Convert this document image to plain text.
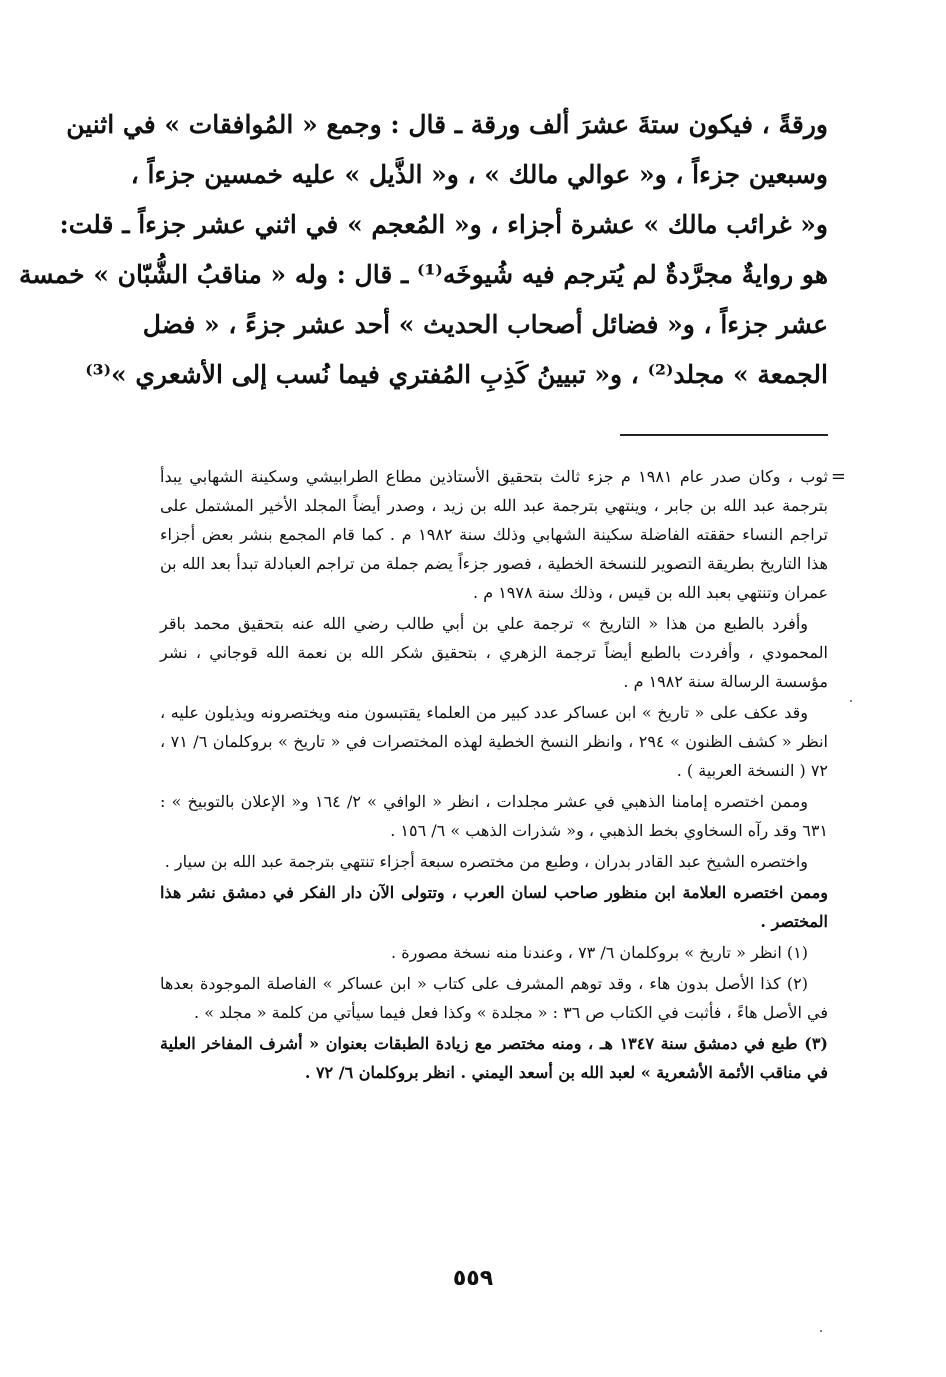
ورقةً ، فيكون ستةَ عشرَ ألف ورقة ـ قال : وجمع « المُوافقات » في اثنين
وسبعين جزءاً ، و« عوالي مالك » ، و« الذَّيل » عليه خمسين جزءاً ،
و« غرائب مالك » عشرة أجزاء ، و« المُعجم » في اثني عشر جزءاً ـ قلت:
هو روايةٌ مجرَّدةٌ لم يُترجم فيه شُيوخَه⁽¹⁾ ـ قال : وله « مناقبُ الشُّبّان » خمسة
عشر جزءاً ، و« فضائل أصحاب الحديث » أحد عشر جزءً ، « فضل
الجمعة » مجلد⁽²⁾ ، و« تبيينُ كَذِبِ المُفتري فيما نُسب إلى الأشعري »⁽³⁾
=

ثوب ، وكان صدر عام ١٩٨١ م جزء ثالث بتحقيق الأستاذين مطاع الطرابيشي وسكينة الشهابي يبدأ بترجمة عبد الله بن جابر ، وينتهي بترجمة عبد الله بن زيد ، وصدر أيضاً المجلد الأخير المشتمل على تراجم النساء حققته الفاضلة سكينة الشهابي وذلك سنة ١٩٨٢ م . كما قام المجمع بنشر بعض أجزاء هذا التاريخ بطريقة التصوير للنسخة الخطية ، فصور جزءاً يضم جملة من تراجم العبادلة تبدأ بعد الله بن عمران وتنتهي بعبد الله بن قيس ، وذلك سنة ١٩٧٨ م .

وأفرد بالطبع من هذا « التاريخ » ترجمة علي بن أبي طالب رضي الله عنه بتحقيق محمد باقر المحمودي ، وأفردت بالطبع أيضاً ترجمة الزهري ، بتحقيق شكر الله بن نعمة الله قوجاني ، نشر مؤسسة الرسالة سنة ١٩٨٢ م .

وقد عكف على « تاريخ » ابن عساكر عدد كبير من العلماء يقتبسون منه ويختصرونه ويذيلون عليه ، انظر « كشف الظنون » ٢٩٤ ، وانظر النسخ الخطية لهذه المختصرات في « تاريخ » بروكلمان ٦/ ٧١ ، ٧٢ ( النسخة العربية ) .

وممن اختصره إمامنا الذهبي في عشر مجلدات ، انظر « الوافي » ٢/ ١٦٤ و« الإعلان بالتوبيخ » : ٦٣١ وقد رآه السخاوي بخط الذهبي ، و« شذرات الذهب » ٦/ ١٥٦ .

واختصره الشيخ عبد القادر بدران ، وطبع من مختصره سبعة أجزاء تنتهي بترجمة عبد الله بن سيار .

وممن اختصره العلامة ابن منظور صاحب لسان العرب ، وتتولى الآن دار الفكر في دمشق نشر هذا المختصر .

(١) انظر « تاريخ » بروكلمان ٦/ ٧٣ ، وعندنا منه نسخة مصورة .

(٢) كذا الأصل بدون هاء ، وقد توهم المشرف على كتاب « ابن عساكر » الفاصلة الموجودة بعدها في الأصل هاءً ، فأثبت في الكتاب ص ٣٦ : « مجلدة » وكذا فعل فيما سيأتي من كلمة « مجلد » .

(٣) طبع في دمشق سنة ١٣٤٧ هـ ، ومنه مختصر مع زيادة الطبقات بعنوان « أشرف المفاخر العلية في مناقب الأئمة الأشعرية » لعبد الله بن أسعد اليمني . انظر بروكلمان ٦/ ٧٢ .

٥٥٩
